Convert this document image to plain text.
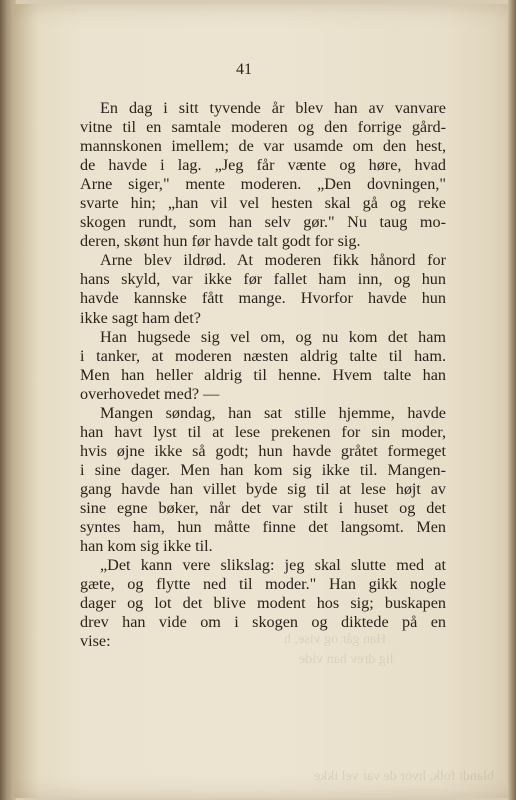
41
Han går og vise, h
lig drev han vide
blandt folk, hvor de var vel ikke
En dag i sitt tyvende år blev han av vanvare
vitne til en samtale moderen og den forrige gård-
mannskonen imellem; de var usamde om den hest,
de havde i lag. „Jeg får vænte og høre, hvad
Arne siger," mente moderen. „Den dovningen,"
svarte hin; „han vil vel hesten skal gå og reke
skogen rundt, som han selv gør." Nu taug mo-
deren, skønt hun før havde talt godt for sig.
Arne blev ildrød. At moderen fikk hånord for
hans skyld, var ikke før fallet ham inn, og hun
havde kannske fått mange. Hvorfor havde hun
ikke sagt ham det?
Han hugsede sig vel om, og nu kom det ham
i tanker, at moderen næsten aldrig talte til ham.
Men han heller aldrig til henne. Hvem talte han
overhovedet med? —
Mangen søndag, han sat stille hjemme, havde
han havt lyst til at lese prekenen for sin moder,
hvis øjne ikke så godt; hun havde gråtet formeget
i sine dager. Men han kom sig ikke til. Mangen-
gang havde han villet byde sig til at lese højt av
sine egne bøker, når det var stilt i huset og det
syntes ham, hun måtte finne det langsomt. Men
han kom sig ikke til.
„Det kann vere slikslag: jeg skal slutte med at
gæte, og flytte ned til moder." Han gikk nogle
dager og lot det blive modent hos sig; buskapen
drev han vide om i skogen og diktede på en
vise:
